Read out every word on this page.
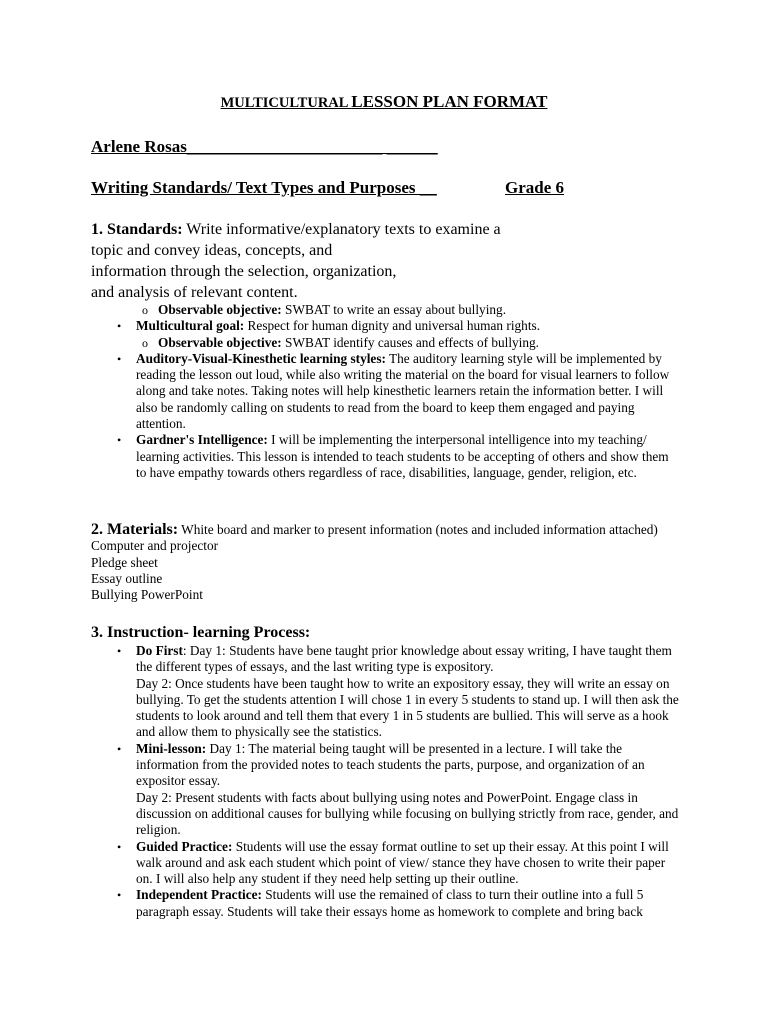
MULTICULTURAL LESSON PLAN FORMAT
Arlene Rosas_______________________ ______
Writing Standards/ Text Types and Purposes __	Grade 6
1. Standards: Write informative/explanatory texts to examine a
topic and convey ideas, concepts, and
information through the selection, organization,
and analysis of relevant content.
o Observable objective: SWBAT to write an essay about bullying.
• Multicultural goal: Respect for human dignity and universal human rights.
o Observable objective: SWBAT identify causes and effects of bullying.
• Auditory-Visual-Kinesthetic learning styles: The auditory learning style will be implemented by reading the lesson out loud, while also writing the material on the board for visual learners to follow along and take notes. Taking notes will help kinesthetic learners retain the information better. I will also be randomly calling on students to read from the board to keep them engaged and paying attention.
• Gardner's Intelligence: I will be implementing the interpersonal intelligence into my teaching/ learning activities. This lesson is intended to teach students to be accepting of others and show them to have empathy towards others regardless of race, disabilities, language, gender, religion, etc.
2. Materials: White board and marker to present information (notes and included information attached)
Computer and projector
Pledge sheet
Essay outline
Bullying PowerPoint
3. Instruction- learning Process:
• Do First: Day 1: Students have bene taught prior knowledge about essay writing, I have taught them the different types of essays, and the last writing type is expository.
Day 2: Once students have been taught how to write an expository essay, they will write an essay on bullying. To get the students attention I will chose 1 in every 5 students to stand up. I will then ask the students to look around and tell them that every 1 in 5 students are bullied. This will serve as a hook and allow them to physically see the statistics.
• Mini-lesson: Day 1: The material being taught will be presented in a lecture. I will take the information from the provided notes to teach students the parts, purpose, and organization of an expositor essay.
Day 2: Present students with facts about bullying using notes and PowerPoint. Engage class in discussion on additional causes for bullying while focusing on bullying strictly from race, gender, and religion.
• Guided Practice: Students will use the essay format outline to set up their essay. At this point I will walk around and ask each student which point of view/ stance they have chosen to write their paper on. I will also help any student if they need help setting up their outline.
• Independent Practice: Students will use the remained of class to turn their outline into a full 5 paragraph essay. Students will take their essays home as homework to complete and bring back
